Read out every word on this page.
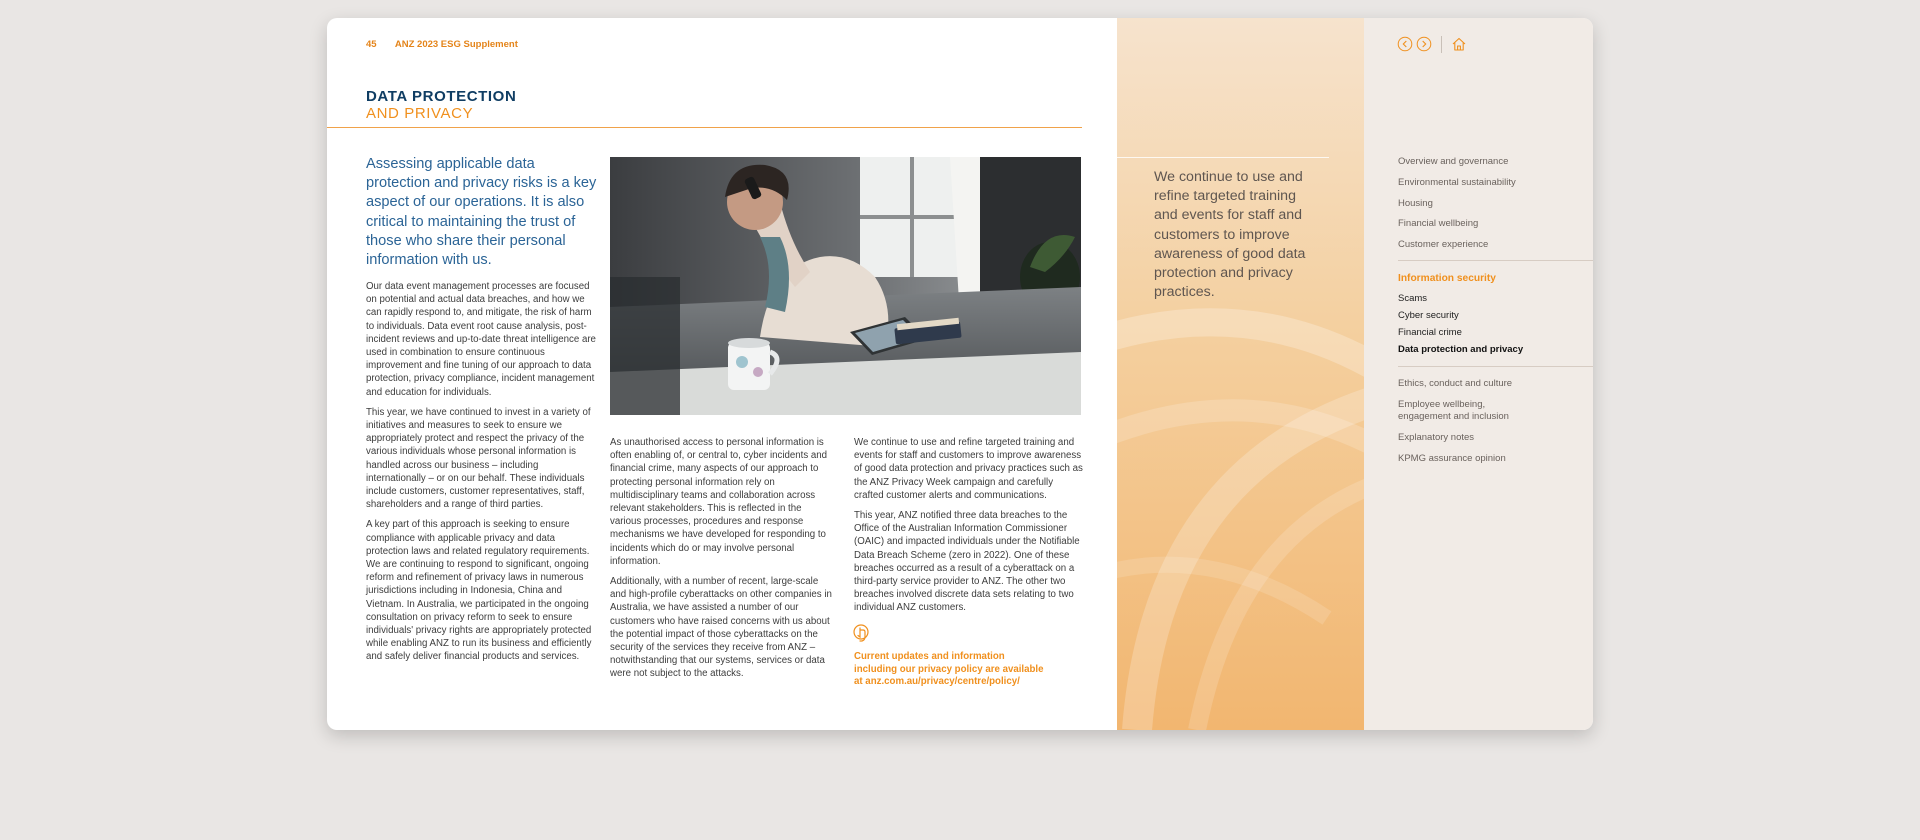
45 ANZ 2023 ESG Supplement
DATA PROTECTION
AND PRIVACY
Assessing applicable data protection and privacy risks is a key aspect of our operations. It is also critical to maintaining the trust of those who share their personal information with us.

Our data event management processes are focused on potential and actual data breaches, and how we can rapidly respond to, and mitigate, the risk of harm to individuals. Data event root cause analysis, post-incident reviews and up-to-date threat intelligence are used in combination to ensure continuous improvement and fine tuning of our approach to data protection, privacy compliance, incident management and education for individuals.

This year, we have continued to invest in a variety of initiatives and measures to seek to ensure we appropriately protect and respect the privacy of the various individuals whose personal information is handled across our business – including internationally – or on our behalf. These individuals include customers, customer representatives, staff, shareholders and a range of third parties.

A key part of this approach is seeking to ensure compliance with applicable privacy and data protection laws and related regulatory requirements. We are continuing to respond to significant, ongoing reform and refinement of privacy laws in numerous jurisdictions including in Indonesia, China and Vietnam. In Australia, we participated in the ongoing consultation on privacy reform to seek to ensure individuals' privacy rights are appropriately protected while enabling ANZ to run its business and efficiently and safely deliver financial products and services.

As unauthorised access to personal information is often enabling of, or central to, cyber incidents and financial crime, many aspects of our approach to protecting personal information rely on multidisciplinary teams and collaboration across relevant stakeholders. This is reflected in the various processes, procedures and response mechanisms we have developed for responding to incidents which do or may involve personal information.

Additionally, with a number of recent, large-scale and high-profile cyberattacks on other companies in Australia, we have assisted a number of our customers who have raised concerns with us about the potential impact of those cyberattacks on the security of the services they receive from ANZ – notwithstanding that our systems, services or data were not subject to the attacks.

We continue to use and refine targeted training and events for staff and customers to improve awareness of good data protection and privacy practices such as the ANZ Privacy Week campaign and carefully crafted customer alerts and communications.

This year, ANZ notified three data breaches to the Office of the Australian Information Commissioner (OAIC) and impacted individuals under the Notifiable Data Breach Scheme (zero in 2022). One of these breaches occurred as a result of a cyberattack on a third-party service provider to ANZ. The other two breaches involved discrete data sets relating to two individual ANZ customers.

Current updates and information including our privacy policy are available at anz.com.au/privacy/centre/policy/
We continue to use and refine targeted training and events for staff and customers to improve awareness of good data protection and privacy practices.
Overview and governance
Environmental sustainability
Housing
Financial wellbeing
Customer experience
Information security
Scams
Cyber security
Financial crime
Data protection and privacy
Ethics, conduct and culture
Employee wellbeing, engagement and inclusion
Explanatory notes
KPMG assurance opinion
